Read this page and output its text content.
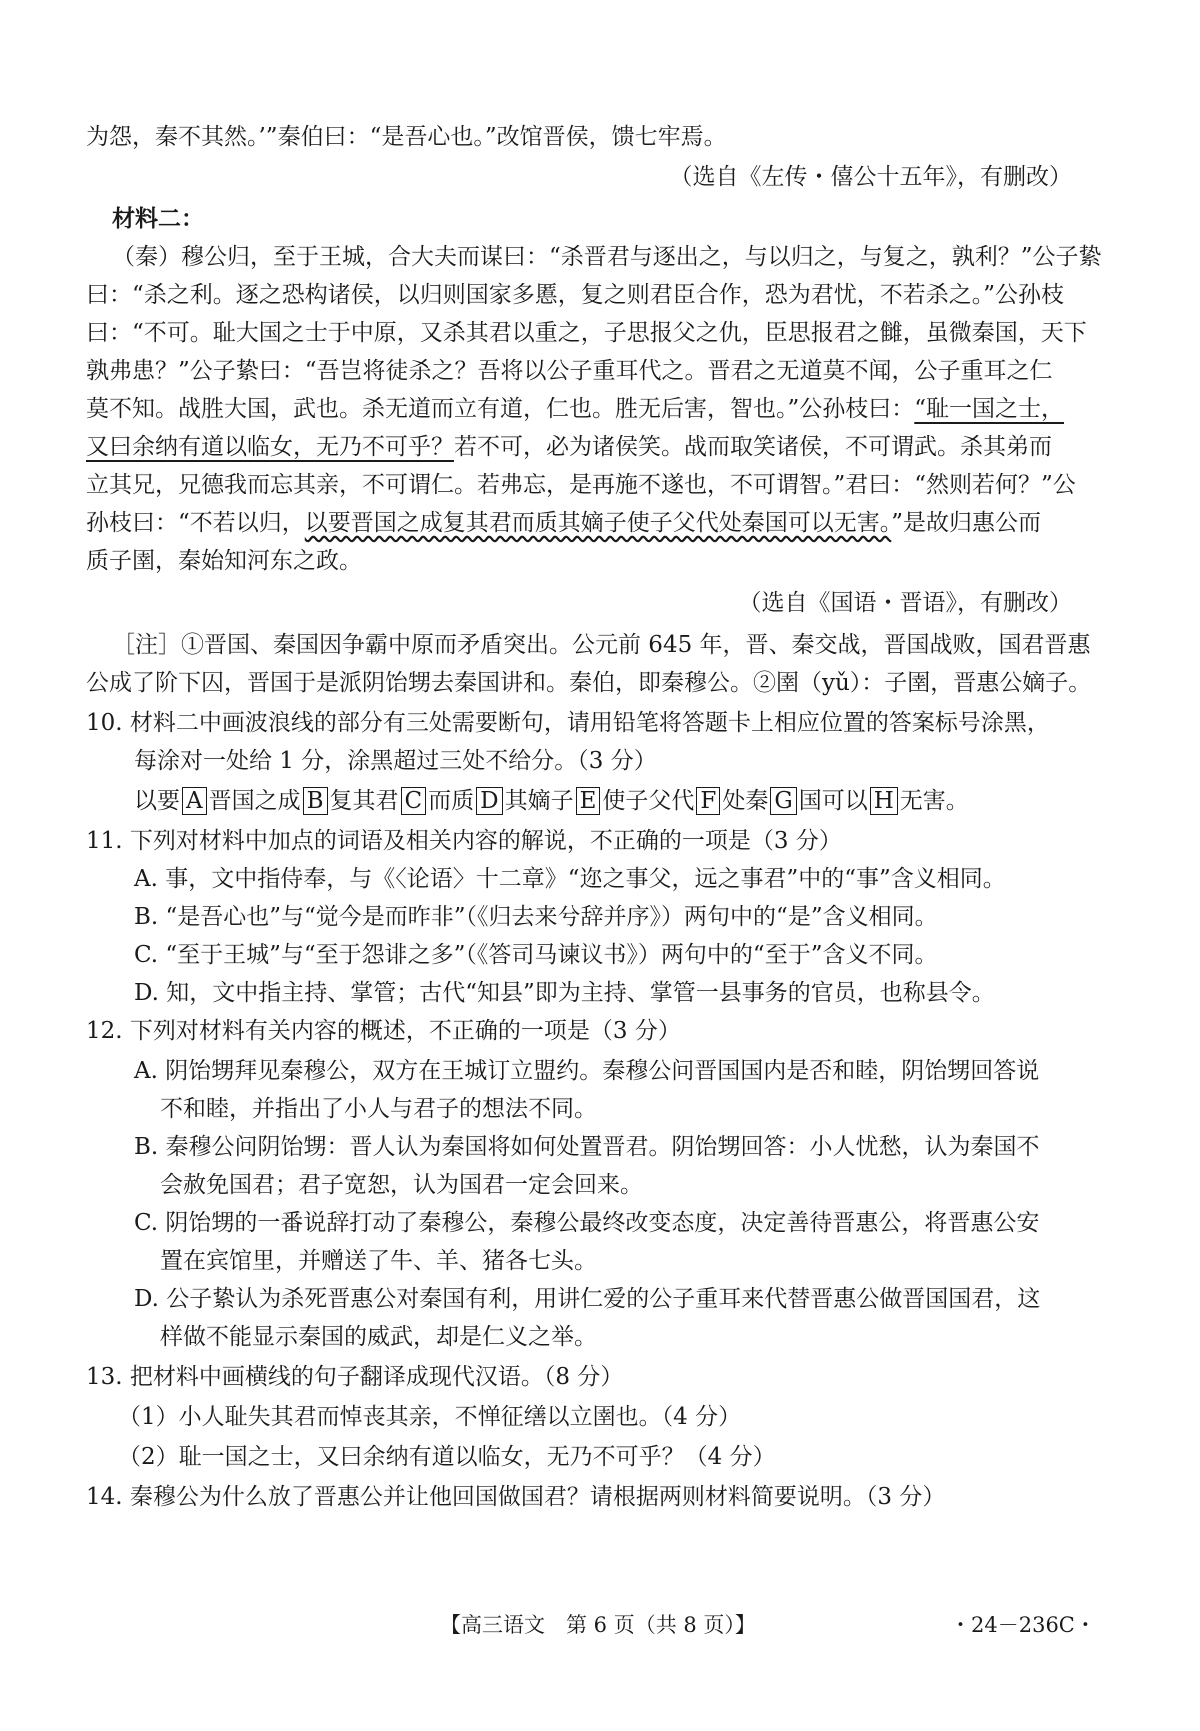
为怨，秦不其然。’”秦伯曰：“是吾心也。”改馆晋侯，馈七牢焉。
（选自《左传・僖公十五年》，有删改）
材料二：
（秦）穆公归，至于王城，合大夫而谋曰：“杀晋君与逐出之，与以归之，与复之，孰利？”公子絷
曰：“杀之利。逐之恐构诸侯，以归则国家多慝，复之则君臣合作，恐为君忧，不若杀之。”公孙枝
曰：“不可。耻大国之士于中原，又杀其君以重之，子思报父之仇，臣思报君之雠，虽微秦国，天下
孰弗患？”公子絷曰：“吾岂将徒杀之？吾将以公子重耳代之。晋君之无道莫不闻，公子重耳之仁
莫不知。战胜大国，武也。杀无道而立有道，仁也。胜无后害，智也。”公孙枝曰：“耻一国之士，
又曰余纳有道以临女，无乃不可乎？若不可，必为诸侯笑。战而取笑诸侯，不可谓武。杀其弟而
立其兄，兄德我而忘其亲，不可谓仁。若弗忘，是再施不遂也，不可谓智。”君曰：“然则若何？”公
孙枝曰：“不若以归，以要晋国之成复其君而质其嫡子使子父代处秦国可以无害。”是故归惠公而
质子圉，秦始知河东之政。
（选自《国语・晋语》，有删改）
［注］①晋国、秦国因争霸中原而矛盾突出。公元前 645 年，晋、秦交战，晋国战败，国君晋惠
公成了阶下囚，晋国于是派阴饴甥去秦国讲和。秦伯，即秦穆公。②圉（yǔ）：子圉，晋惠公嫡子。
10. 材料二中画波浪线的部分有三处需要断句，请用铅笔将答题卡上相应位置的答案标号涂黑，
每涂对一处给 1 分，涂黑超过三处不给分。（3 分）
以要 A 晋国之成 B 复其君 C 而质 D 其嫡子 E 使子父代 F 处秦 G 国可以 H 无害。
11. 下列对材料中加点的词语及相关内容的解说，不正确的一项是（3 分）
A. 事，文中指侍奉，与《〈论语〉十二章》“迩之事父，远之事君”中的“事”含义相同。
B. “是吾心也”与“觉今是而昨非”（《归去来兮辞并序》）两句中的“是”含义相同。
C. “至于王城”与“至于怨诽之多”（《答司马谏议书》）两句中的“至于”含义不同。
D. 知，文中指主持、掌管；古代“知县”即为主持、掌管一县事务的官员，也称县令。
12. 下列对材料有关内容的概述，不正确的一项是（3 分）
A. 阴饴甥拜见秦穆公，双方在王城订立盟约。秦穆公问晋国国内是否和睦，阴饴甥回答说
不和睦，并指出了小人与君子的想法不同。
B. 秦穆公问阴饴甥：晋人认为秦国将如何处置晋君。阴饴甥回答：小人忧愁，认为秦国不
会赦免国君；君子宽恕，认为国君一定会回来。
C. 阴饴甥的一番说辞打动了秦穆公，秦穆公最终改变态度，决定善待晋惠公，将晋惠公安
置在宾馆里，并赠送了牛、羊、猪各七头。
D. 公子絷认为杀死晋惠公对秦国有利，用讲仁爱的公子重耳来代替晋惠公做晋国国君，这
样做不能显示秦国的威武，却是仁义之举。
13. 把材料中画横线的句子翻译成现代汉语。（8 分）
（1）小人耻失其君而悼丧其亲，不惮征缮以立圉也。（4 分）
（2）耻一国之士，又曰余纳有道以临女，无乃不可乎？（4 分）
14. 秦穆公为什么放了晋惠公并让他回国做国君？请根据两则材料简要说明。（3 分）
【高三语文　第 6 页（共 8 页）】	・24－236C・
